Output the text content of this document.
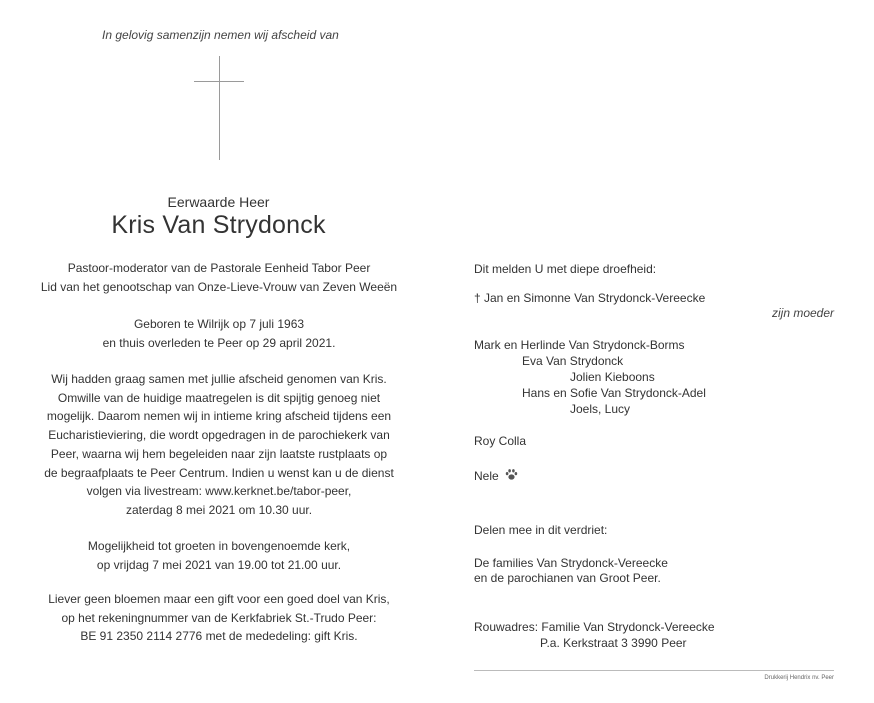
In gelovig samenzijn nemen wij afscheid van
Eerwaarde Heer
Kris Van Strydonck
Pastoor-moderator van de Pastorale Eenheid Tabor Peer
Lid van het genootschap van Onze-Lieve-Vrouw van Zeven Weeën
Geboren te Wilrijk op 7 juli 1963
en thuis overleden te Peer op 29 april 2021.
Wij hadden graag samen met jullie afscheid genomen van Kris.
Omwille van de huidige maatregelen is dit spijtig genoeg niet
mogelijk. Daarom nemen wij in intieme kring afscheid tijdens een
Eucharistieviering, die wordt opgedragen in de parochiekerk van
Peer, waarna wij hem begeleiden naar zijn laatste rustplaats op
de begraafplaats te Peer Centrum. Indien u wenst kan u de dienst
volgen via livestream: www.kerknet.be/tabor-peer,
zaterdag 8 mei 2021 om 10.30 uur.
Mogelijkheid tot groeten in bovengenoemde kerk,
op vrijdag 7 mei 2021 van 19.00 tot 21.00 uur.
Liever geen bloemen maar een gift voor een goed doel van Kris,
op het rekeningnummer van de Kerkfabriek St.-Trudo Peer:
BE 91 2350 2114 2776 met de mededeling: gift Kris.
Dit melden U met diepe droefheid:
† Jan en Simonne Van Strydonck-Vereecke
zijn moeder
Mark en Herlinde Van Strydonck-Borms
Eva Van Strydonck
Jolien Kieboons
Hans en Sofie Van Strydonck-Adel
Joels, Lucy
Roy Colla
Nele
Delen mee in dit verdriet:
De families Van Strydonck-Vereecke
en de parochianen van Groot Peer.
Rouwadres: Familie Van Strydonck-Vereecke
P.a. Kerkstraat 3 3990 Peer
Drukkerij Hendrix nv. Peer
